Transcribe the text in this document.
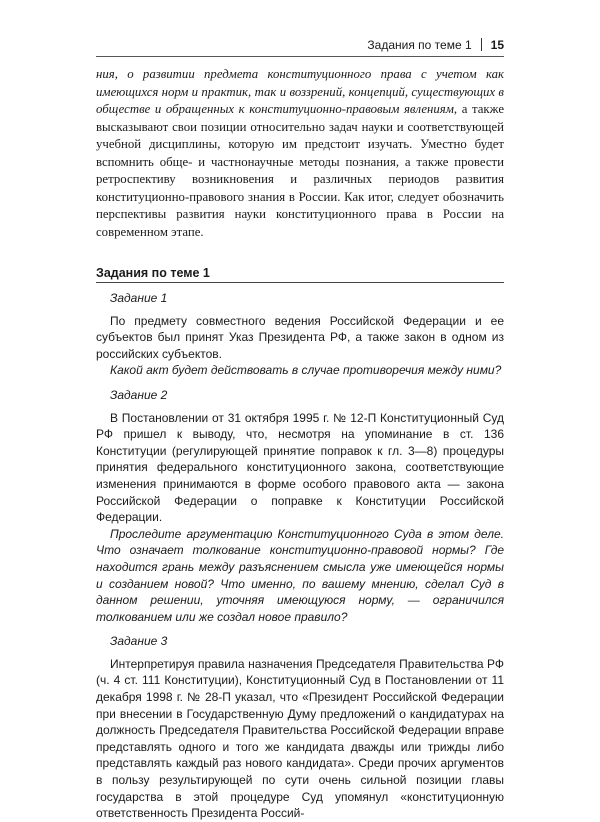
Задания по теме 1 15

ния, о развитии предмета конституционного права с учетом как имеющихся норм и практик, так и воззрений, концепций, существующих в обществе и обращенных к конституционно-правовым явлениям, а также высказывают свои позиции относительно задач науки и соответствующей учебной дисциплины, которую им предстоит изучать. Уместно будет вспомнить обще- и частнонаучные методы познания, а также провести ретроспективу возникновения и различных периодов развития конституционно-правового знания в России. Как итог, следует обозначить перспективы развития науки конституционного права в России на современном этапе.

Задания по теме 1
Задание 1

По предмету совместного ведения Российской Федерации и ее субъектов был принят Указ Президента РФ, а также закон в одном из российских субъектов.

Какой акт будет действовать в случае противоречия между ними?

Задание 2

В Постановлении от 31 октября 1995 г. № 12-П Конституционный Суд РФ пришел к выводу, что, несмотря на упоминание в ст. 136 Конституции (регулирующей принятие поправок к гл. 3—8) процедуры принятия федерального конституционного закона, соответствующие изменения принимаются в форме особого правового акта — закона Российской Федерации о поправке к Конституции Российской Федерации.

Проследите аргументацию Конституционного Суда в этом деле. Что означает толкование конституционно-правовой нормы? Где находится грань между разъяснением смысла уже имеющейся нормы и созданием новой? Что именно, по вашему мнению, сделал Суд в данном решении, уточняя имеющуюся норму, — ограничился толкованием или же создал новое правило?

Задание 3

Интерпретируя правила назначения Председателя Правительства РФ (ч. 4 ст. 111 Конституции), Конституционный Суд в Постановлении от 11 декабря 1998 г. № 28-П указал, что «Президент Российской Федерации при внесении в Государственную Думу предложений о кандидатурах на должность Председателя Правительства Российской Федерации вправе представлять одного и того же кандидата дважды или трижды либо представлять каждый раз нового кандидата». Среди прочих аргументов в пользу результирующей по сути очень сильной позиции главы государства в этой процедуре Суд упомянул «конституционную ответственность Президента Россий-
